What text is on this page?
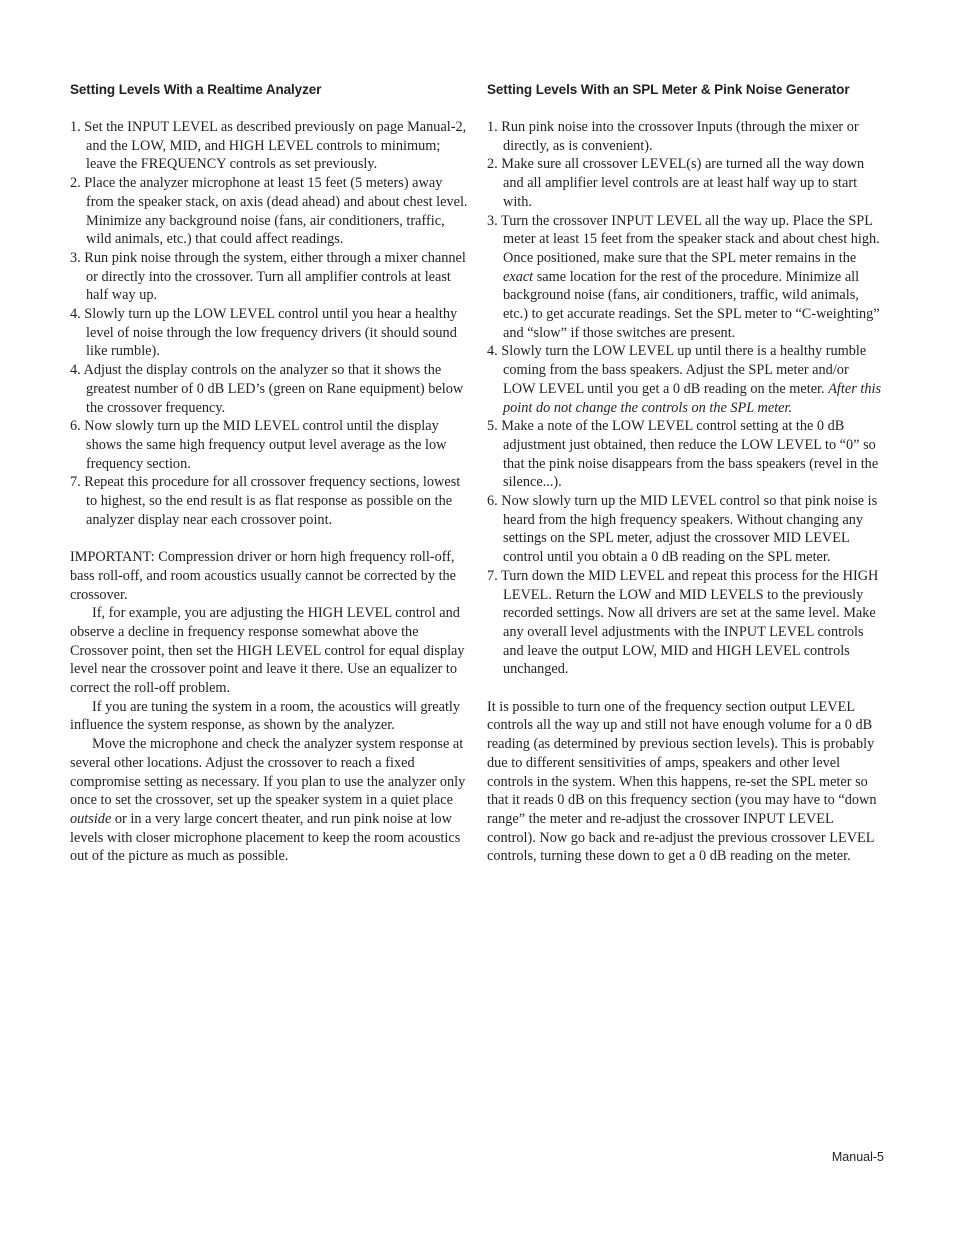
Setting Levels With a Realtime Analyzer
1. Set the INPUT LEVEL as described previously on page Manual-2, and the LOW, MID, and HIGH LEVEL controls to minimum; leave the FREQUENCY controls as set previously.
2. Place the analyzer microphone at least 15 feet (5 meters) away from the speaker stack, on axis (dead ahead) and about chest level. Minimize any background noise (fans, air conditioners, traffic, wild animals, etc.) that could affect readings.
3. Run pink noise through the system, either through a mixer channel or directly into the crossover. Turn all amplifier controls at least half way up.
4. Slowly turn up the LOW LEVEL control until you hear a healthy level of noise through the low frequency drivers (it should sound like rumble).
4. Adjust the display controls on the analyzer so that it shows the greatest number of 0 dB LED’s (green on Rane equipment) below the crossover frequency.
6. Now slowly turn up the MID LEVEL control until the display shows the same high frequency output level average as the low frequency section.
7. Repeat this procedure for all crossover frequency sections, lowest to highest, so the end result is as flat response as possible on the analyzer display near each crossover point.

IMPORTANT: Compression driver or horn high frequency roll-off, bass roll-off, and room acoustics usually cannot be corrected by the crossover.

If, for example, you are adjusting the HIGH LEVEL control and observe a decline in frequency response somewhat above the Crossover point, then set the HIGH LEVEL control for equal display level near the crossover point and leave it there. Use an equalizer to correct the roll-off problem.

If you are tuning the system in a room, the acoustics will greatly influence the system response, as shown by the analyzer.

Move the microphone and check the analyzer system response at several other locations. Adjust the crossover to reach a fixed compromise setting as necessary. If you plan to use the analyzer only once to set the crossover, set up the speaker system in a quiet place outside or in a very large concert theater, and run pink noise at low levels with closer microphone placement to keep the room acoustics out of the picture as much as possible.

Setting Levels With an SPL Meter & Pink Noise Generator
1. Run pink noise into the crossover Inputs (through the mixer or directly, as is convenient).
2. Make sure all crossover LEVEL(s) are turned all the way down and all amplifier level controls are at least half way up to start with.
3. Turn the crossover INPUT LEVEL all the way up. Place the SPL meter at least 15 feet from the speaker stack and about chest high. Once positioned, make sure that the SPL meter remains in the exact same location for the rest of the procedure. Minimize all background noise (fans, air conditioners, traffic, wild animals, etc.) to get accurate readings. Set the SPL meter to “C-weighting” and “slow” if those switches are present.
4. Slowly turn the LOW LEVEL up until there is a healthy rumble coming from the bass speakers. Adjust the SPL meter and/or LOW LEVEL until you get a 0 dB reading on the meter. After this point do not change the controls on the SPL meter.
5. Make a note of the LOW LEVEL control setting at the 0 dB adjustment just obtained, then reduce the LOW LEVEL to “0” so that the pink noise disappears from the bass speakers (revel in the silence...).
6. Now slowly turn up the MID LEVEL control so that pink noise is heard from the high frequency speakers. Without changing any settings on the SPL meter, adjust the crossover MID LEVEL control until you obtain a 0 dB reading on the SPL meter.
7. Turn down the MID LEVEL and repeat this process for the HIGH LEVEL. Return the LOW and MID LEVELS to the previously recorded settings. Now all drivers are set at the same level. Make any overall level adjustments with the INPUT LEVEL controls and leave the output LOW, MID and HIGH LEVEL controls unchanged.

It is possible to turn one of the frequency section output LEVEL controls all the way up and still not have enough volume for a 0 dB reading (as determined by previous section levels). This is probably due to different sensitivities of amps, speakers and other level controls in the system. When this happens, re-set the SPL meter so that it reads 0 dB on this frequency section (you may have to “down range” the meter and re-adjust the crossover INPUT LEVEL control). Now go back and re-adjust the previous crossover LEVEL controls, turning these down to get a 0 dB reading on the meter.

Manual-5
